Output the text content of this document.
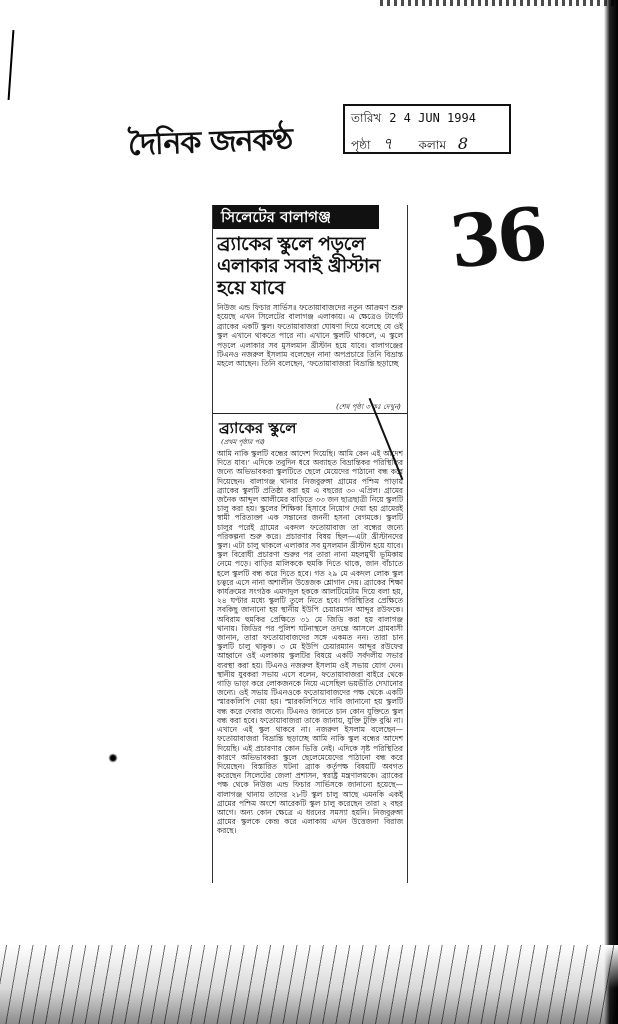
দৈনিক জনকণ্ঠ
তারিখ 2 4 JUN 1994
পৃষ্ঠা ৭ কলাম 8
36
সিলেটের বালাগঞ্জ
ব্র্যাকের স্কুলে পড়লে এলাকার সবাই খ্রীস্টান হয়ে যাবে
নিউজ এন্ড ফিচার সার্ভিস॥ ফতোয়াবাজদের নতুন আক্রমণ শুরু হয়েছে এখন সিলেটের বালাগঞ্জ এলাকায়। এ ক্ষেত্রেও টার্গেট ব্র্যাকের একটি স্কুল। ফতোয়াবাজরা ঘোষণা দিয়ে বলেছে যে ওই স্কুল এখানে থাকতে পারে না। এখানে স্কুলটি থাকলে, এ স্কুলে পড়লে এলাকার সব মুসলমান খ্রীস্টান হয়ে যাবে। বালাগঞ্জের টিএনও নজরুল ইসলাম বলেছেন নানা অপপ্রচারে তিনি বিভ্রান্ত মহলে আছেন। তিনি বলেছেন, ‘ফতোয়াবাজরা বিভ্রান্তি ছড়াচ্ছে
(শেষ পৃষ্ঠা ৩ কঃ দেখুন)
ব্র্যাকের স্কুলে
(প্রথম পৃষ্ঠার পর)
আমি নাকি স্কুলটি বন্ধের আদেশ দিয়েছি। আমি কেন এই আদেশ দিতে যাব।’ এদিকে তবুদিন ধরে অব্যাহত বিভ্রান্তিকর পরিস্থিতির জন্যে অভিভাবকরা স্কুলটিতে ছেলে মেয়েদের পাঠানো বন্ধ করে দিয়েছেন। বালাগঞ্জ থানার নিজবুরুঙ্গা গ্রামের পশ্চিম পাড়ায় ব্র্যাকের স্কুলটি প্রতিষ্ঠা করা হয় এ বছরের ৩০ এপ্রিল। গ্রামের জনৈক আব্দুল আলীমের বাড়িতে ৩৩ জন ছাত্রছাত্রী নিয়ে স্কুলটি চালু করা হয়। স্কুলের শিক্ষিকা হিসাবে নিয়োগ দেয়া হয় গ্রামেরই স্বামী পরিত্যক্তা এক সন্তানের জননী হসনা বেগমকে। স্কুলটি চালুর পরেই গ্রামের একদল ফতোয়াবাজ তা বন্ধের জন্যে পরিকল্পনা শুরু করে। প্রচারণার বিষয় ছিল—এটা খ্রীস্টানদের স্কুল। এটা চালু থাকলে এলাকার সব মুসলমান খ্রীস্টান হয়ে যাবে। স্কুল বিরোধী প্রচারণা শুরুর পর তারা নানা মহলমুখী ভূমিকায় নেমে পড়ে। বাড়ির মালিককে হুমকি দিতে থাকে, জান বাঁচাতে হলে স্কুলটি বন্ধ করে দিতে হবে। গত ২৯ মে একদল লোক স্কুল চত্বরে এসে নানা অশালীন উত্তেজক শ্লোগান দেয়। ব্র্যাকের শিক্ষা কার্যক্রমের সংগঠক এমদাদুল হককে আলটিমেটাম দিয়ে বলা হয়, ২৪ ঘণ্টার মধ্যে স্কুলটি তুলে নিতে হবে। পরিস্থিতির প্রেক্ষিতে সবকিছু জানানো হয় স্থানীয় ইউপি চেয়ারম্যান আব্দুর রউফকে। অবিরাম হুমকির প্রেক্ষিতে ৩১ মে জিডি করা হয় বালাগঞ্জ থানায়। জিডির পর পুলিশ ঘটনাস্থলে তদন্তে আসলে গ্রামবাসী জানান, তারা ফতোয়াবাজদের সঙ্গে একমত নন। তারা চান স্কুলটি চালু থাকুক। ৩ মে ইউপি চেয়ারম্যান আব্দুর রউফের আহ্বানে ওই এলাকায় স্কুলটির বিষয়ে একটি সর্বদলীয় সভার ব্যবস্থা করা হয়। টিএনও নজরুল ইসলাম ওই সভায় যোগ দেন। স্থানীয় যুবকরা সভায় এসে বলেন, ফতোয়াবাজরা বাইরে থেকে গাড়ি ভাড়া করে লোকজনকে নিয়ে এসেছিল ভয়ভীতি দেখানোর জন্যে। ওই সভায় টিএনওকে ফতোয়াবাজদের পক্ষ থেকে একটি স্মারকলিপি দেয়া হয়। স্মারকলিপিতে দাবি জানানো হয় স্কুলটি বন্ধ করে দেবার জন্যে। টিএনও জানতে চান কোন যুক্তিতে স্কুল বন্ধ করা হবে। ফতোয়াবাজরা তাকে জানায়, যুক্তি টুক্তি বুঝি না। এখানে এই স্কুল থাকবে না। নজরুল ইসলাম বলেছেন— ফতোয়াবাজরা বিভ্রান্তি ছড়াচ্ছে আমি নাকি স্কুল বন্ধের আদেশ দিয়েছি। এই প্রচারণার কোন ভিত্তি নেই। এদিকে সৃষ্ট পরিস্থিতির কারণে অভিভাবকরা স্কুলে ছেলেমেয়েদের পাঠানো বন্ধ করে দিয়েছেন। বিস্তারিত ঘটনা ব্র্যাক কর্তৃপক্ষ বিষয়টি অবগত করেছেন সিলেটের জেলা প্রশাসন, স্বরাষ্ট্র মন্ত্রণালয়কে। ব্র্যাকের পক্ষ থেকে নিউজ এন্ড ফিচার সার্ভিসকে জানানো হয়েছে— বালাগঞ্জ থানায় তাদের ২৮টি স্কুল চালু আছে এমনকি একই গ্রামের পশ্চিম অংশে আরেকটি স্কুল চালু করেছেন তারা ২ বছর আগে। অন্য কোন ক্ষেত্রে এ ধরনের সমস্যা হয়নি। নিজবুরুঙ্গা গ্রামের স্কুলকে কেন্দ্র করে এলাকায় এখন উত্তেজনা বিরাজ করছে।
